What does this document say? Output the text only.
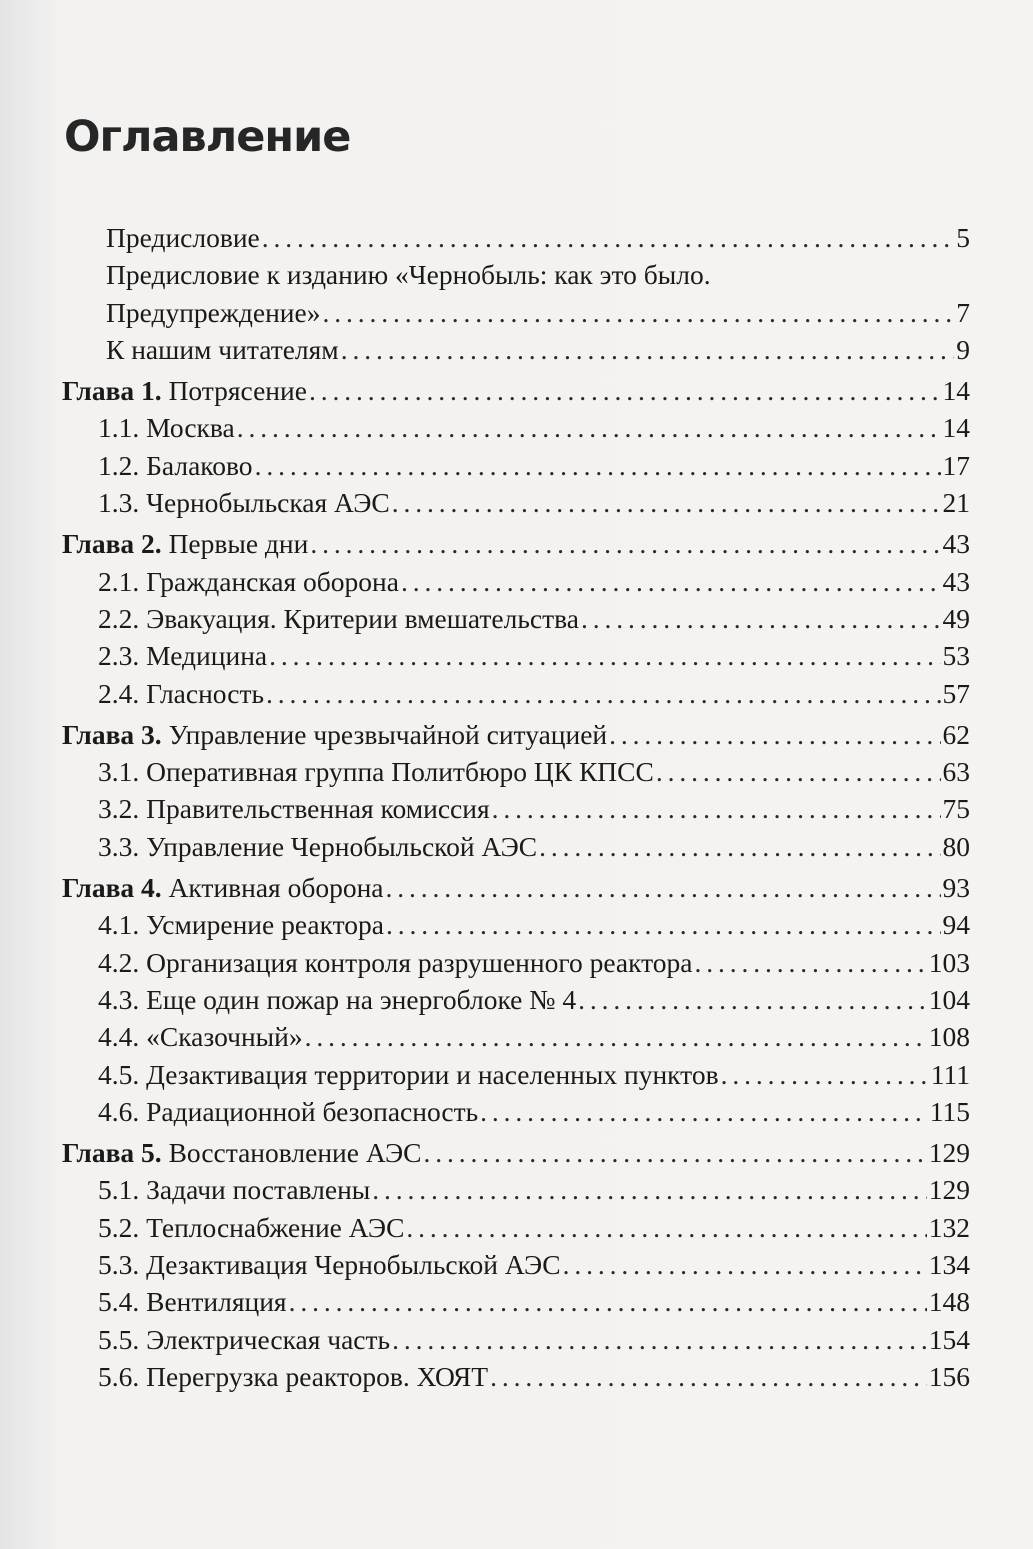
Оглавление
Предисловие . . .	5
Предисловие к изданию «Чернобыль: как это было.
Предупреждение» . . .	7
К нашим читателям . . .	9
Глава 1. Потрясение . . .	14
1.1. Москва . . .	14
1.2. Балаково . . .	17
1.3. Чернобыльская АЭС . . .	21
Глава 2. Первые дни . . .	43
2.1. Гражданская оборона . . .	43
2.2. Эвакуация. Критерии вмешательства . . .	49
2.3. Медицина . . .	53
2.4. Гласность . . .	57
Глава 3. Управление чрезвычайной ситуацией . . .	62
3.1. Оперативная группа Политбюро ЦК КПСС . . .	63
3.2. Правительственная комиссия . . .	75
3.3. Управление Чернобыльской АЭС . . .	80
Глава 4. Активная оборона . . .	93
4.1. Усмирение реактора . . .	94
4.2. Организация контроля разрушенного реактора . . .	103
4.3. Еще один пожар на энергоблоке № 4 . . .	104
4.4. «Сказочный» . . .	108
4.5. Дезактивация территории и населенных пунктов . . .	111
4.6. Радиационной безопасность . . .	115
Глава 5. Восстановление АЭС . . .	129
5.1. Задачи поставлены . . .	129
5.2. Теплоснабжение АЭС . . .	132
5.3. Дезактивация Чернобыльской АЭС . . .	134
5.4. Вентиляция . . .	148
5.5. Электрическая часть . . .	154
5.6. Перегрузка реакторов. ХОЯТ . . .	156
